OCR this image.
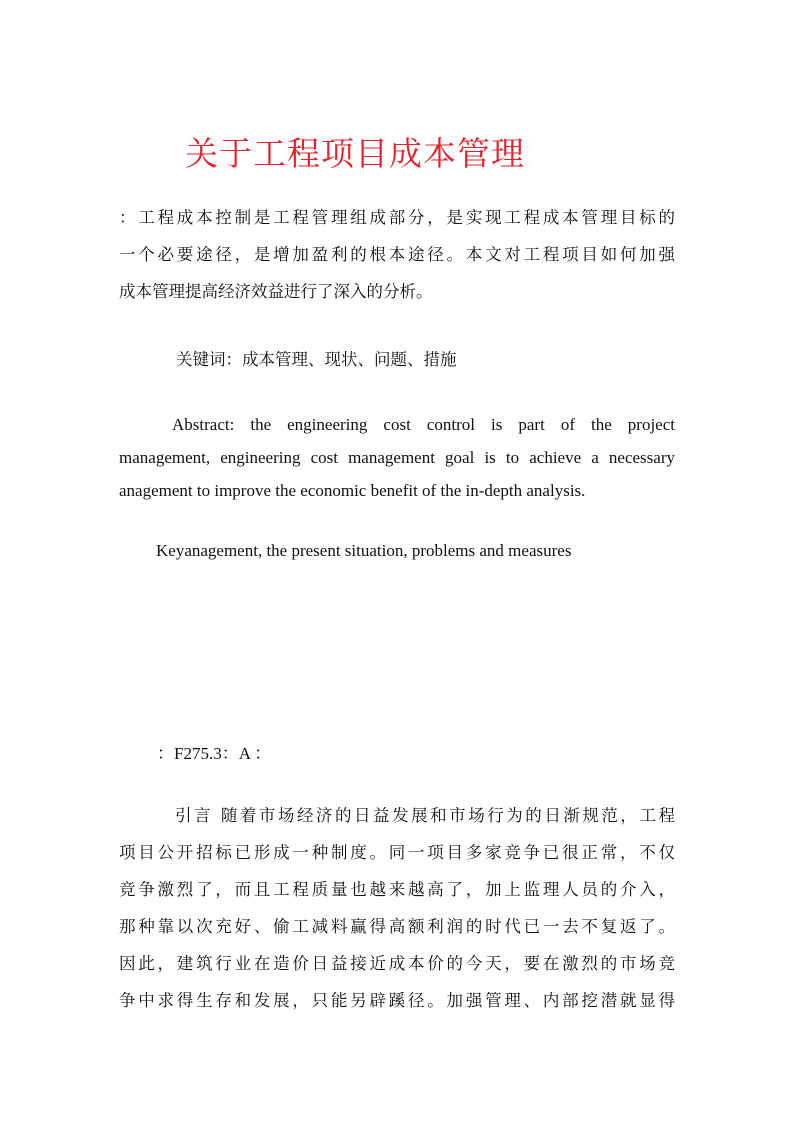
关于工程项目成本管理
：工程成本控制是工程管理组成部分，是实现工程成本管理目标的
一个必要途径，是增加盈利的根本途径。本文对工程项目如何加强
成本管理提高经济效益进行了深入的分析。
关键词：成本管理、现状、问题、措施
Abstract: the engineering cost control is part of the project
management, engineering cost management goal is to achieve a necessary
anagement to improve the economic benefit of the in-depth analysis.
Keyanagement, the present situation, problems and measures
：F275.3：A ：
引言 随着市场经济的日益发展和市场行为的日渐规范，工程
项目公开招标已形成一种制度。同一项目多家竞争已很正常，不仅
竞争激烈了，而且工程质量也越来越高了，加上监理人员的介入，
那种靠以次充好、偷工减料赢得高额利润的时代已一去不复返了。
因此，建筑行业在造价日益接近成本价的今天，要在激烈的市场竞
争中求得生存和发展，只能另辟蹊径。加强管理、内部挖潜就显得
